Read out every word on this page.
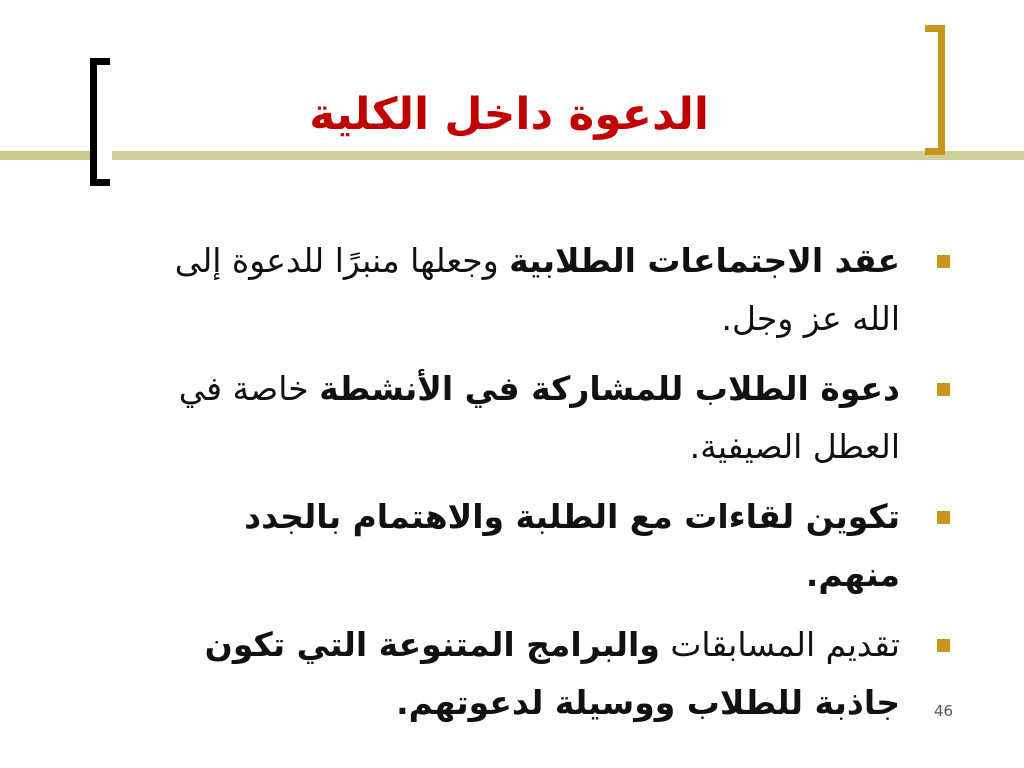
الدعوة داخل الكلية
عقد الاجتماعات الطلابية وجعلها منبرًا للدعوة إلى الله عز وجل.
دعوة الطلاب للمشاركة في الأنشطة خاصة في العطل الصيفية.
تكوين لقاءات مع الطلبة والاهتمام بالجدد منهم.
تقديم المسابقات والبرامج المتنوعة التي تكون جاذبة للطلاب ووسيلة لدعوتهم.	46
